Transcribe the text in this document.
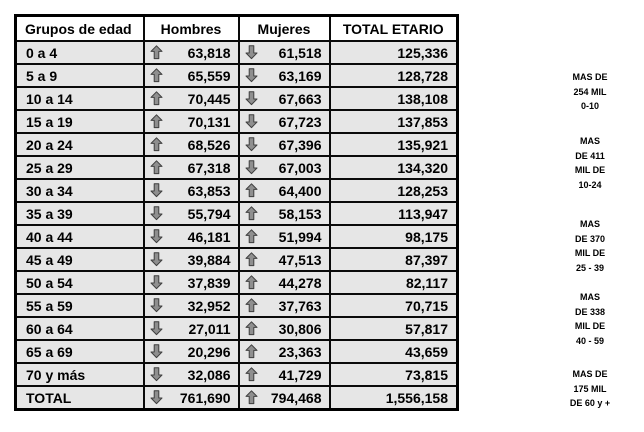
Grupos de edad	Hombres	Mujeres	TOTAL ETARIO
0 a 4	63,818	61,518	125,336
5 a 9	65,559	63,169	128,728
10 a 14	70,445	67,663	138,108
15 a 19	70,131	67,723	137,853
20 a 24	68,526	67,396	135,921
25 a 29	67,318	67,003	134,320
30 a 34	63,853	64,400	128,253
35 a 39	55,794	58,153	113,947
40 a 44	46,181	51,994	98,175
45 a 49	39,884	47,513	87,397
50 a 54	37,839	44,278	82,117
55 a 59	32,952	37,763	70,715
60 a 64	27,011	30,806	57,817
65 a 69	20,296	23,363	43,659
70 y más	32,086	41,729	73,815
TOTAL	761,690	794,468	1,556,158
MAS DE
254 MIL
0-10
MAS
DE 411
MIL DE
10-24
MAS
DE 370
MIL DE
25 - 39
MAS
DE 338
MIL DE
40 - 59
MAS DE
175 MIL
DE 60 y +
